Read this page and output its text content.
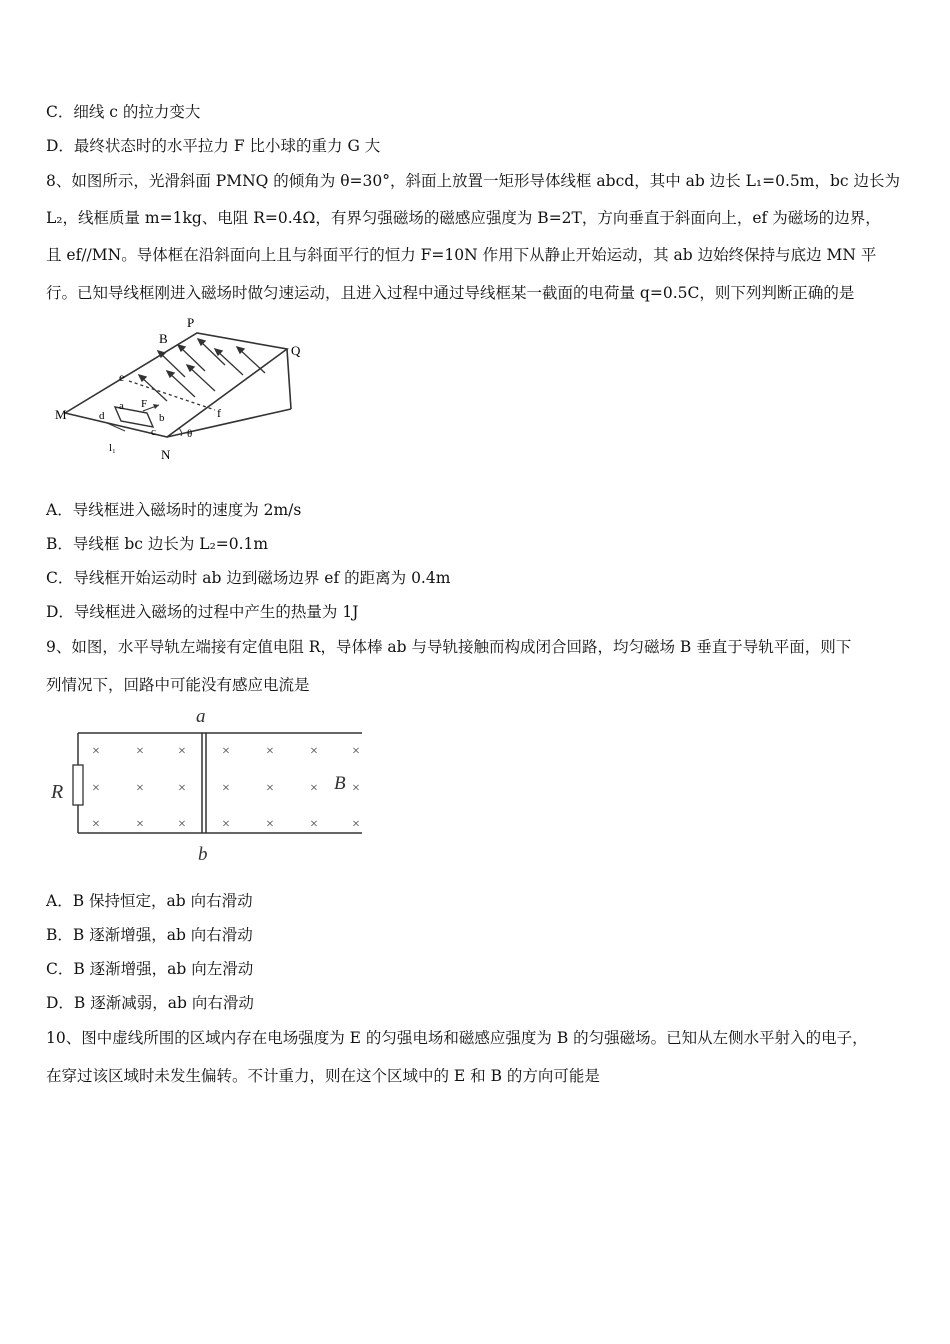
C．细线 c 的拉力变大
D．最终状态时的水平拉力 F 比小球的重力 G 大
8、如图所示，光滑斜面 PMNQ 的倾角为 θ=30°，斜面上放置一矩形导体线框 abcd，其中 ab 边长 L₁=0.5m，bc 边长为
L₂，线框质量 m=1kg、电阻 R=0.4Ω，有界匀强磁场的磁感应强度为 B=2T，方向垂直于斜面向上，ef 为磁场的边界，
且 ef//MN。导体框在沿斜面向上且与斜面平行的恒力 F=10N 作用下从静止开始运动，其 ab 边始终保持与底边 MN 平
行。已知导线框刚进入磁场时做匀速运动，且进入过程中通过导线框某一截面的电荷量 q=0.5C，则下列判断正确的是
P
Q
B
e
f
M
N
a
b
c
d
F
θ
l₁
A．导线框进入磁场时的速度为 2m/s
B．导线框 bc 边长为 L₂=0.1m
C．导线框开始运动时 ab 边到磁场边界 ef 的距离为 0.4m
D．导线框进入磁场的过程中产生的热量为 1J
9、如图，水平导轨左端接有定值电阻 R，导体棒 ab 与导轨接触而构成闭合回路，均匀磁场 B 垂直于导轨平面，则下
列情况下，回路中可能没有感应电流是
×	× ×	×	×	× ×
×	× ×	×	×	× ×
×	× ×	×	×	× ×
a
b
R	B
A．B 保持恒定，ab 向右滑动
B．B 逐渐增强，ab 向右滑动
C．B 逐渐增强，ab 向左滑动
D．B 逐渐减弱，ab 向右滑动
10、图中虚线所围的区域内存在电场强度为 E 的匀强电场和磁感应强度为 B 的匀强磁场。已知从左侧水平射入的电子，
在穿过该区域时未发生偏转。不计重力，则在这个区域中的 E 和 B 的方向可能是
